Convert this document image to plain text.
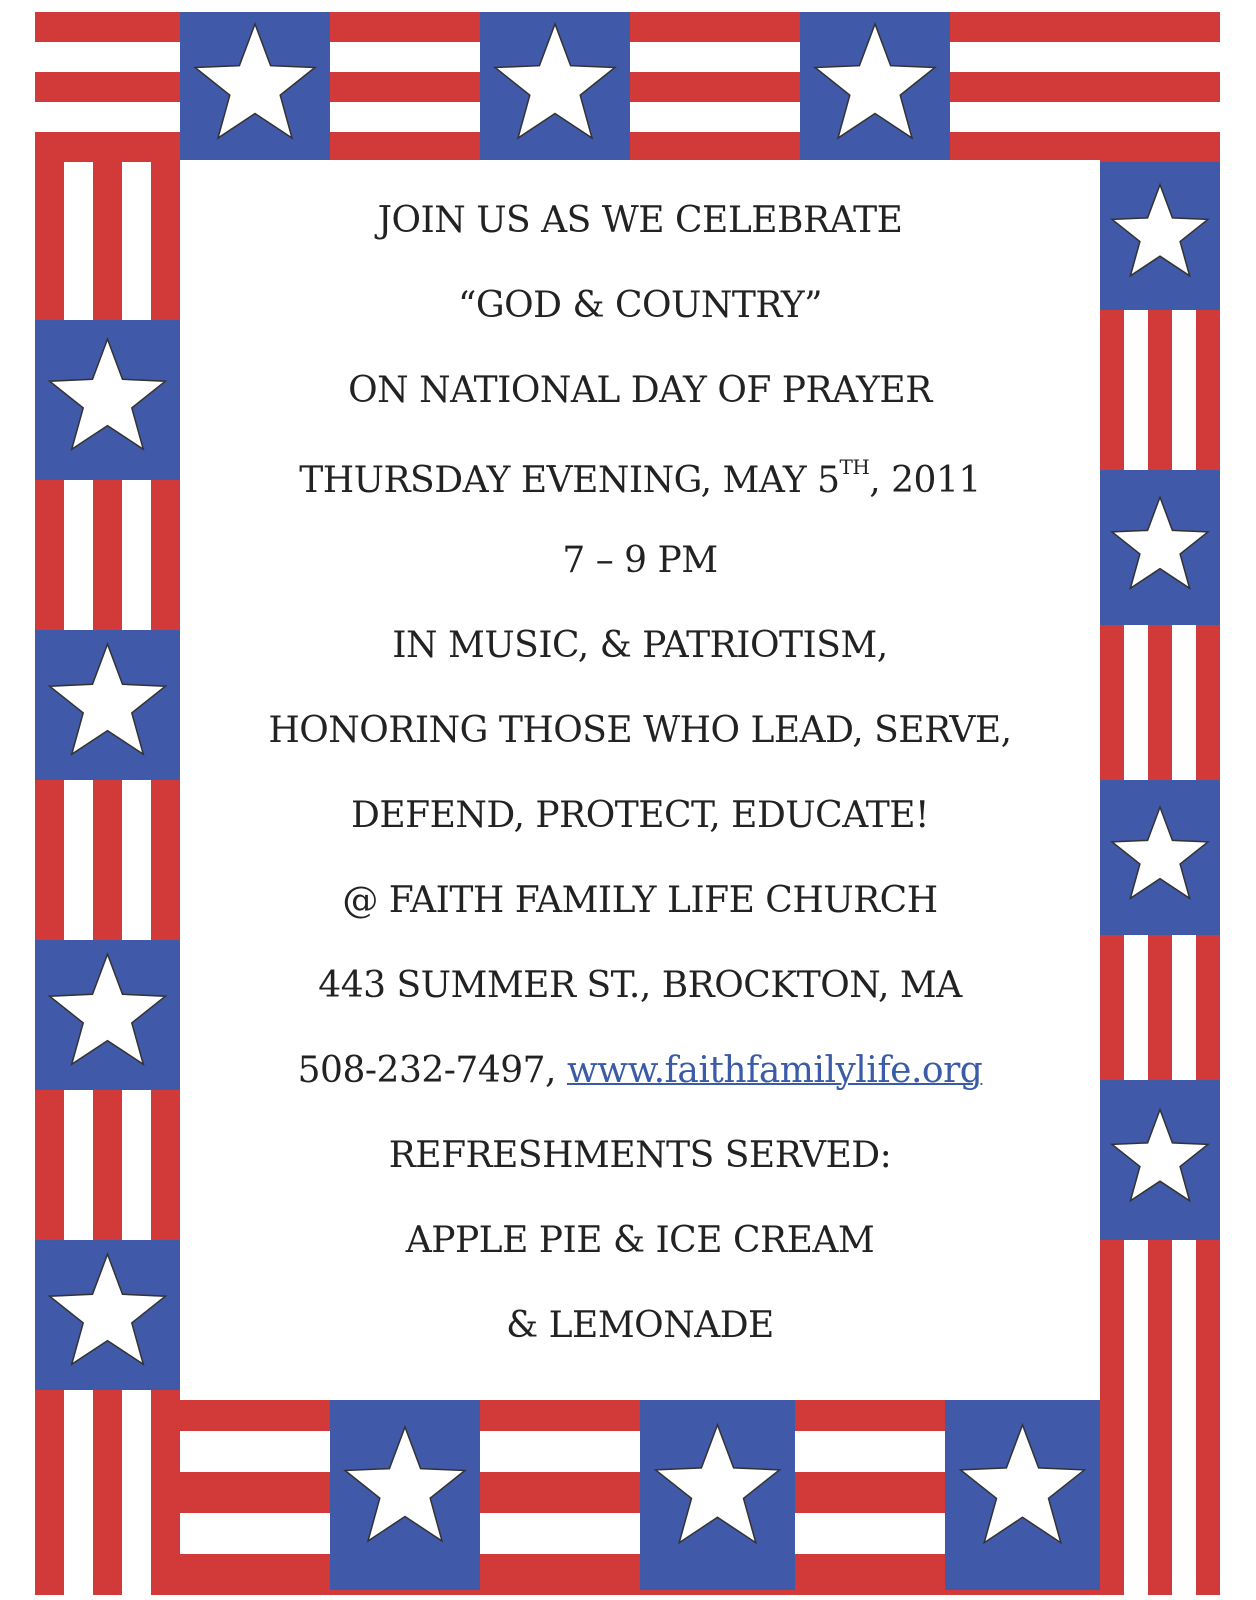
JOIN US AS WE CELEBRATE
“GOD & COUNTRY”
ON NATIONAL DAY OF PRAYER
THURSDAY EVENING, MAY 5TH, 2011
7 – 9 PM
IN MUSIC, & PATRIOTISM,
HONORING THOSE WHO LEAD, SERVE,
DEFEND, PROTECT, EDUCATE!
@ FAITH FAMILY LIFE CHURCH
443 SUMMER ST., BROCKTON, MA
508-232-7497, www.faithfamilylife.org
REFRESHMENTS SERVED:
APPLE PIE & ICE CREAM
& LEMONADE
